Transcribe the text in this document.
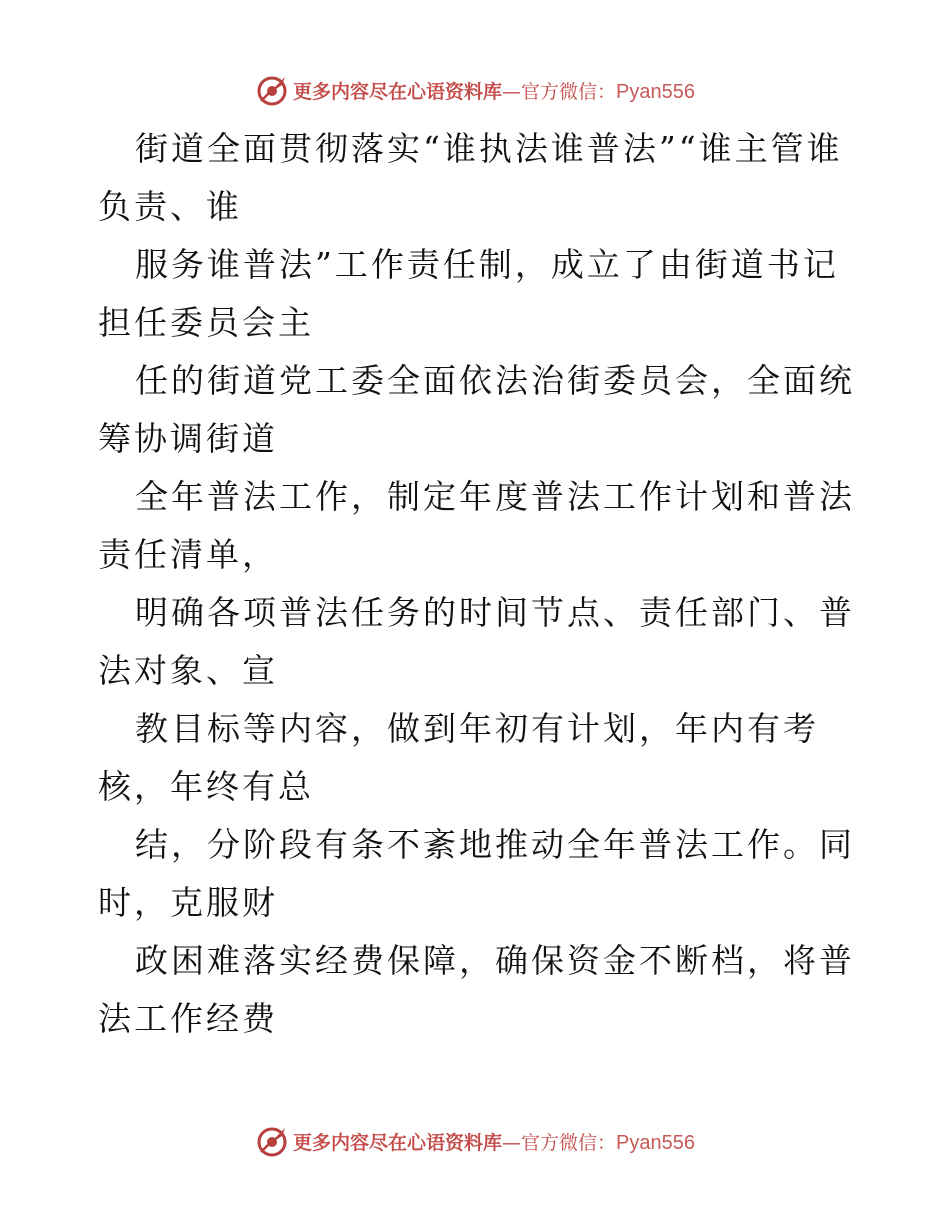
更多内容尽在心语资料库—官方微信：Pyan556

街道全面贯彻落实“谁执法谁普法”“谁主管谁负责、谁

服务谁普法”工作责任制，成立了由街道书记担任委员会主

任的街道党工委全面依法治街委员会，全面统筹协调街道

全年普法工作，制定年度普法工作计划和普法责任清单，

明确各项普法任务的时间节点、责任部门、普法对象、宣

教目标等内容，做到年初有计划，年内有考核，年终有总

结，分阶段有条不紊地推动全年普法工作。同时，克服财

政困难落实经费保障，确保资金不断档，将普法工作经费

更多内容尽在心语资料库—官方微信：Pyan556
